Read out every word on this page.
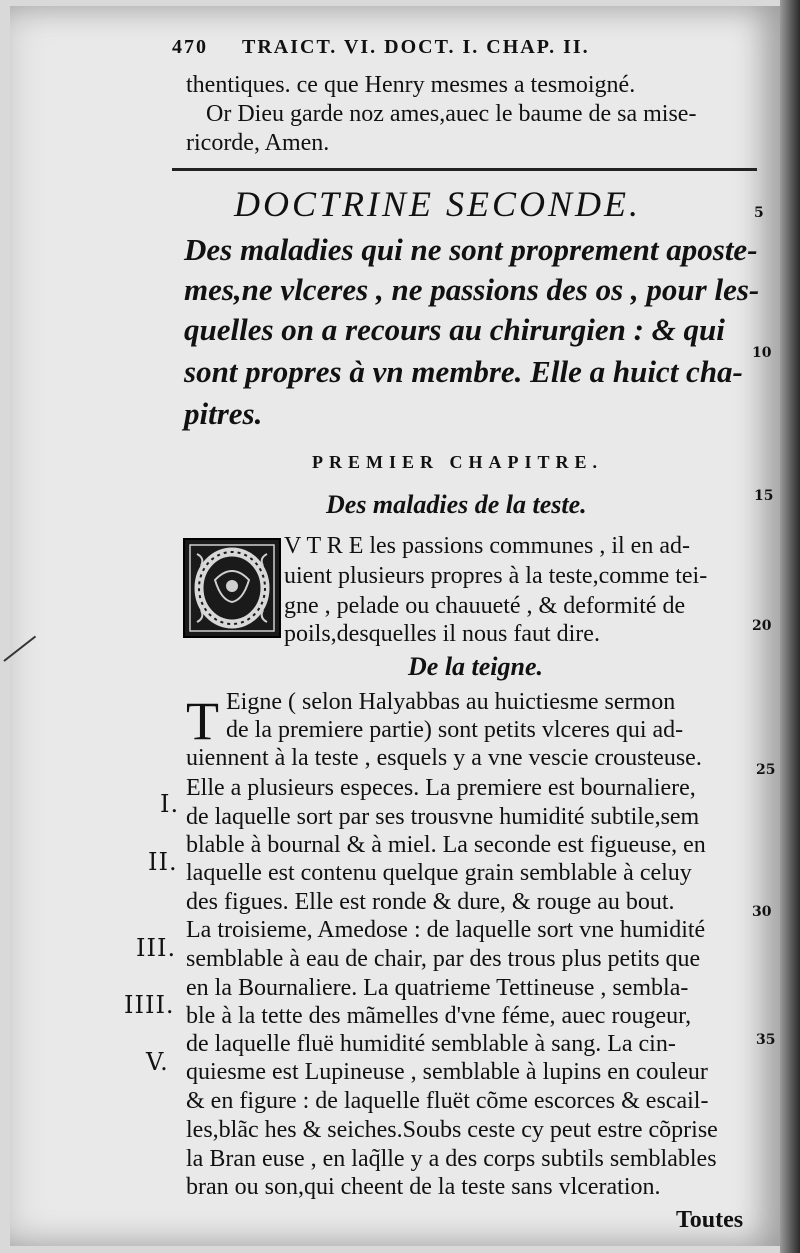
470 TRAICT. VI. DOCT. I. CHAP. II.
thentiques. ce que Henry mesmes a tesmoigné.
Or Dieu garde noz ames,auec le baume de sa mise-
ricorde, Amen.
DOCTRINE SECONDE.
Des maladies qui ne sont proprement aposte-
mes,ne vlceres , ne passions des os , pour les-
quelles on a recours au chirurgien : & qui
sont propres à vn membre. Elle a huict cha-
pitres.
PREMIER CHAPITRE.
Des maladies de la teste.
V T R E les passions communes , il en ad-
uient plusieurs propres à la teste,comme tei-
gne , pelade ou chauueté , & deformité de
poils,desquelles il nous faut dire.
De la teigne.
T Eigne ( selon Halyabbas au huictiesme sermon
de la premiere partie) sont petits vlceres qui ad-
uiennent à la teste , esquels y a vne vescie crousteuse.
Elle a plusieurs especes. La premiere est bournaliere,
de laquelle sort par ses trousvne humidité subtile,sem
blable à bournal & à miel. La seconde est figueuse, en
laquelle est contenu quelque grain semblable à celuy
des figues. Elle est ronde & dure, & rouge au bout.
La troisieme, Amedose : de laquelle sort vne humidité
semblable à eau de chair, par des trous plus petits que
en la Bournaliere. La quatrieme Tettineuse , sembla-
ble à la tette des mãmelles d'vne féme, auec rougeur,
de laquelle fluë humidité semblable à sang. La cin-
quiesme est Lupineuse , semblable à lupins en couleur
& en figure : de laquelle fluët cõme escorces & escail-
les,blãc hes & seiches.Soubs ceste cy peut estre cõprise
la Bran euse , en laq̃lle y a des corps subtils semblables
bran ou son,qui cheent de la teste sans vlceration.
Toutes
I.
II.
III.
IIII.
V.
5
10
15
20
25
30
35
